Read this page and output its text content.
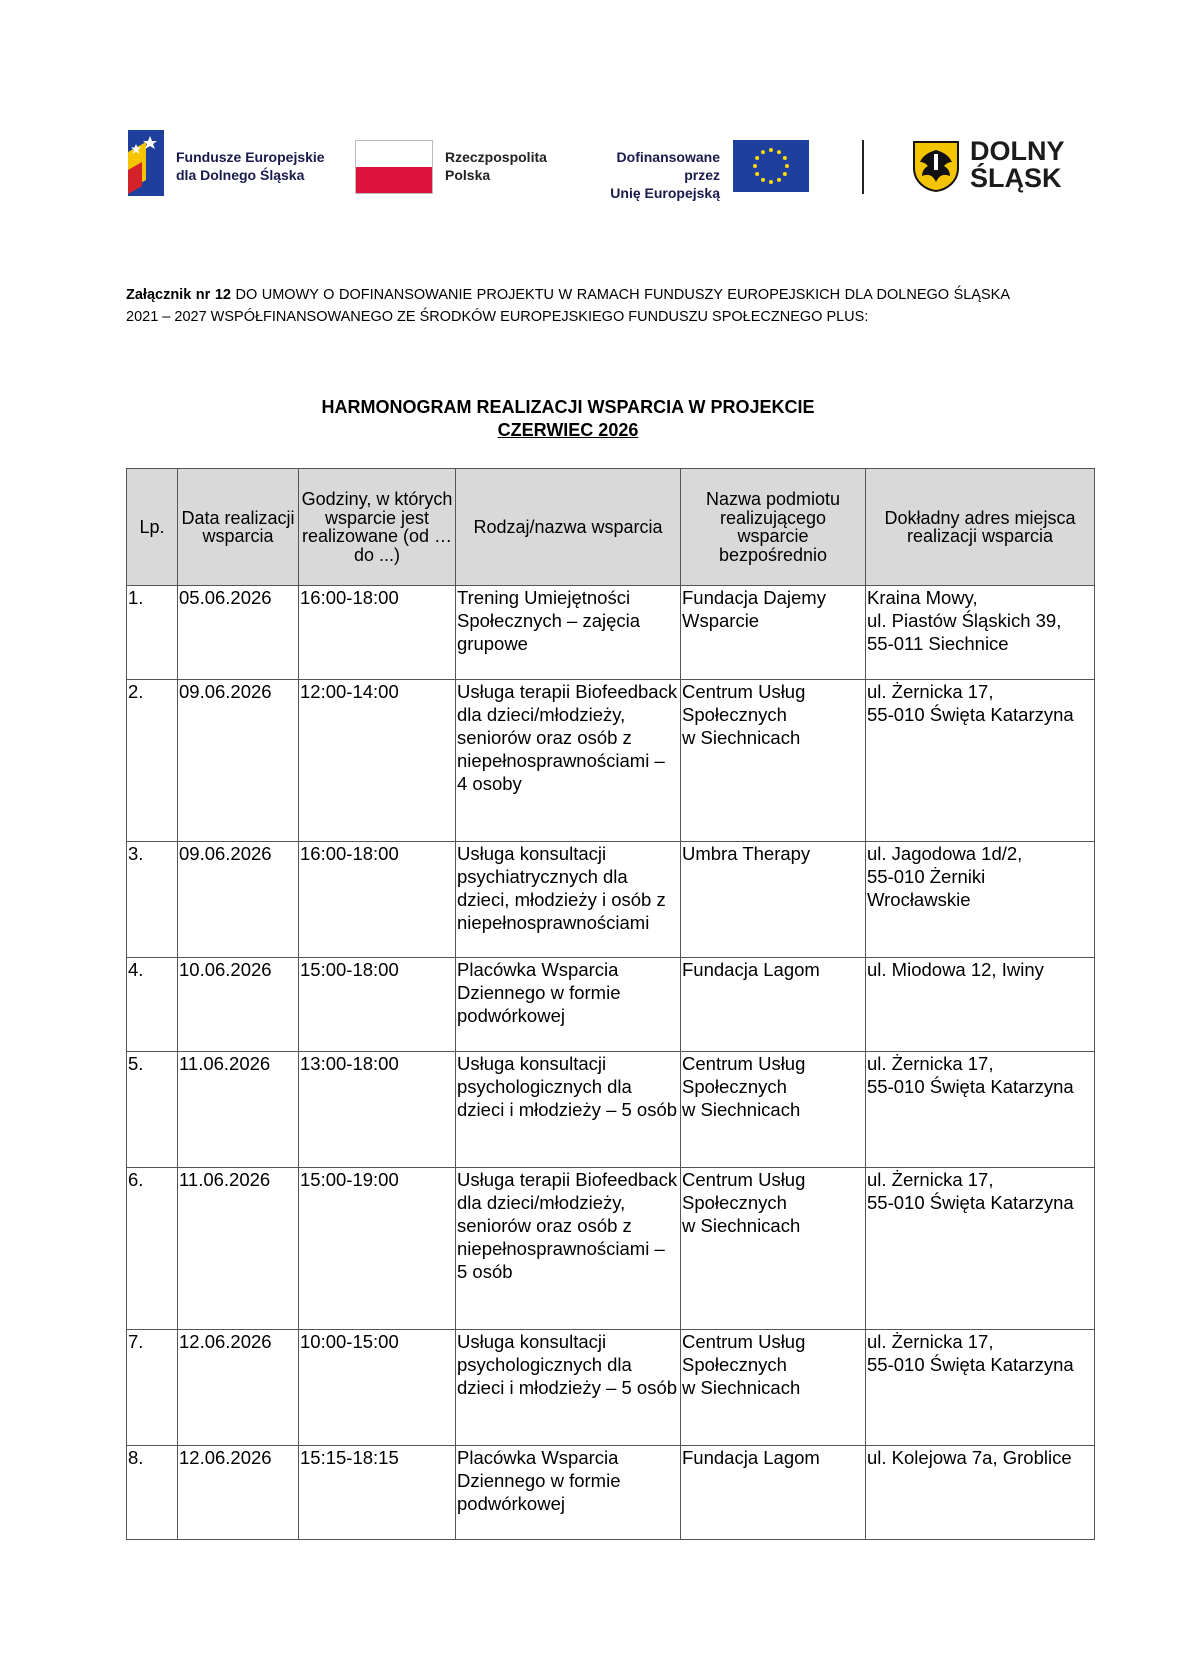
Fundusze Europejskie
dla Dolnego Śląska
Rzeczpospolita
Polska
Dofinansowane przez
Unię Europejską
DOLNY
ŚLĄSK
Załącznik nr 12 DO UMOWY O DOFINANSOWANIE PROJEKTU W RAMACH FUNDUSZY EUROPEJSKICH DLA DOLNEGO ŚLĄSKA 2021 – 2027 WSPÓŁFINANSOWANEGO ZE ŚRODKÓW EUROPEJSKIEGO FUNDUSZU SPOŁECZNEGO PLUS:
HARMONOGRAM REALIZACJI WSPARCIA W PROJEKCIE
CZERWIEC 2026
Lp.	Data realizacji wsparcia	Godziny, w których wsparcie jest realizowane (od … do ...)	Rodzaj/nazwa wsparcia	Nazwa podmiotu realizującego wsparcie bezpośrednio	Dokładny adres miejsca realizacji wsparcia
1.	05.06.2026	16:00-18:00	Trening Umiejętności Społecznych – zajęcia grupowe	Fundacja Dajemy Wsparcie	Kraina Mowy,
ul. Piastów Śląskich 39,
55-011 Siechnice
2.	09.06.2026	12:00-14:00	Usługa terapii Biofeedback dla dzieci/młodzieży, seniorów oraz osób z niepełnosprawnościami – 4 osoby	Centrum Usług Społecznych
w Siechnicach	ul. Żernicka 17,
55-010 Święta Katarzyna
3.	09.06.2026	16:00-18:00	Usługa konsultacji psychiatrycznych dla dzieci, młodzieży i osób z niepełnosprawnościami	Umbra Therapy	ul. Jagodowa 1d/2,
55-010 Żerniki Wrocławskie
4.	10.06.2026	15:00-18:00	Placówka Wsparcia Dziennego w formie podwórkowej	Fundacja Lagom	ul. Miodowa 12, Iwiny
5.	11.06.2026	13:00-18:00	Usługa konsultacji psychologicznych dla dzieci i młodzieży – 5 osób	Centrum Usług Społecznych
w Siechnicach	ul. Żernicka 17,
55-010 Święta Katarzyna
6.	11.06.2026	15:00-19:00	Usługa terapii Biofeedback dla dzieci/młodzieży, seniorów oraz osób z niepełnosprawnościami – 5 osób	Centrum Usług Społecznych
w Siechnicach	ul. Żernicka 17,
55-010 Święta Katarzyna
7.	12.06.2026	10:00-15:00	Usługa konsultacji psychologicznych dla dzieci i młodzieży – 5 osób	Centrum Usług Społecznych
w Siechnicach	ul. Żernicka 17,
55-010 Święta Katarzyna
8.	12.06.2026	15:15-18:15	Placówka Wsparcia Dziennego w formie podwórkowej	Fundacja Lagom	ul. Kolejowa 7a, Groblice
